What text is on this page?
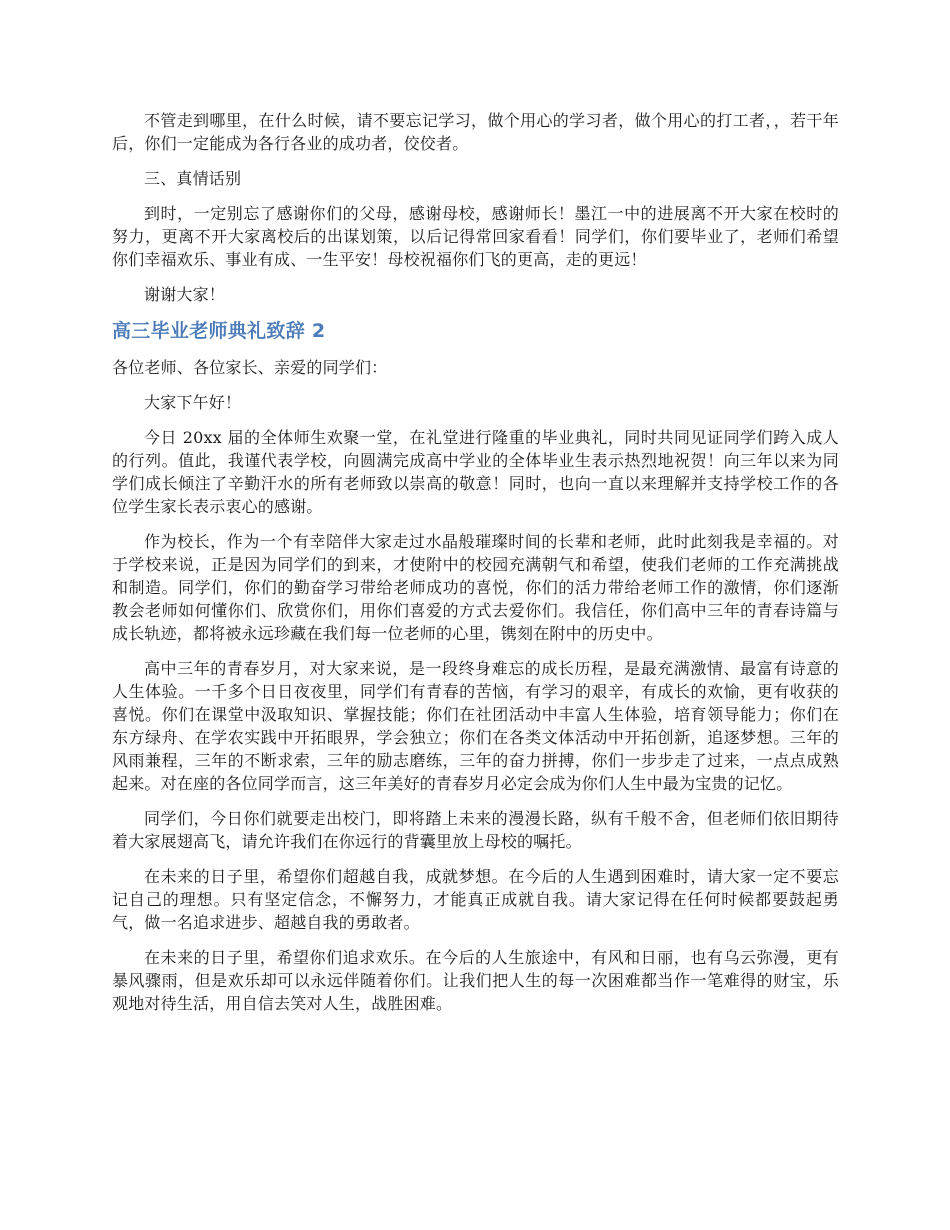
不管走到哪里，在什么时候，请不要忘记学习，做个用心的学习者，做个用心的打工者，，若干年后，你们一定能成为各行各业的成功者，佼佼者。

三、真情话别

到时，一定别忘了感谢你们的父母，感谢母校，感谢师长！墨江一中的进展离不开大家在校时的努力，更离不开大家离校后的出谋划策，以后记得常回家看看！同学们，你们要毕业了，老师们希望你们幸福欢乐、事业有成、一生平安！母校祝福你们飞的更高，走的更远！

谢谢大家！

高三毕业老师典礼致辞 2

各位老师、各位家长、亲爱的同学们：

大家下午好！

今日 20xx 届的全体师生欢聚一堂，在礼堂进行隆重的毕业典礼，同时共同见证同学们跨入成人的行列。值此，我谨代表学校，向圆满完成高中学业的全体毕业生表示热烈地祝贺！向三年以来为同学们成长倾注了辛勤汗水的所有老师致以崇高的敬意！同时，也向一直以来理解并支持学校工作的各位学生家长表示衷心的感谢。

作为校长，作为一个有幸陪伴大家走过水晶般璀璨时间的长辈和老师，此时此刻我是幸福的。对于学校来说，正是因为同学们的到来，才使附中的校园充满朝气和希望，使我们老师的工作充满挑战和制造。同学们，你们的勤奋学习带给老师成功的喜悦，你们的活力带给老师工作的激情，你们逐渐教会老师如何懂你们、欣赏你们，用你们喜爱的方式去爱你们。我信任，你们高中三年的青春诗篇与成长轨迹，都将被永远珍藏在我们每一位老师的心里，镌刻在附中的历史中。

高中三年的青春岁月，对大家来说，是一段终身难忘的成长历程，是最充满激情、最富有诗意的人生体验。一千多个日日夜夜里，同学们有青春的苦恼，有学习的艰辛，有成长的欢愉，更有收获的喜悦。你们在课堂中汲取知识、掌握技能；你们在社团活动中丰富人生体验，培育领导能力；你们在东方绿舟、在学农实践中开拓眼界，学会独立；你们在各类文体活动中开拓创新，追逐梦想。三年的风雨兼程，三年的不断求索，三年的励志磨练，三年的奋力拼搏，你们一步步走了过来，一点点成熟起来。对在座的各位同学而言，这三年美好的青春岁月必定会成为你们人生中最为宝贵的记忆。

同学们，今日你们就要走出校门，即将踏上未来的漫漫长路，纵有千般不舍，但老师们依旧期待着大家展翅高飞，请允许我们在你远行的背囊里放上母校的嘱托。

在未来的日子里，希望你们超越自我，成就梦想。在今后的人生遇到困难时，请大家一定不要忘记自己的理想。只有坚定信念，不懈努力，才能真正成就自我。请大家记得在任何时候都要鼓起勇气，做一名追求进步、超越自我的勇敢者。

在未来的日子里，希望你们追求欢乐。在今后的人生旅途中，有风和日丽，也有乌云弥漫，更有暴风骤雨，但是欢乐却可以永远伴随着你们。让我们把人生的每一次困难都当作一笔难得的财宝，乐观地对待生活，用自信去笑对人生，战胜困难。
